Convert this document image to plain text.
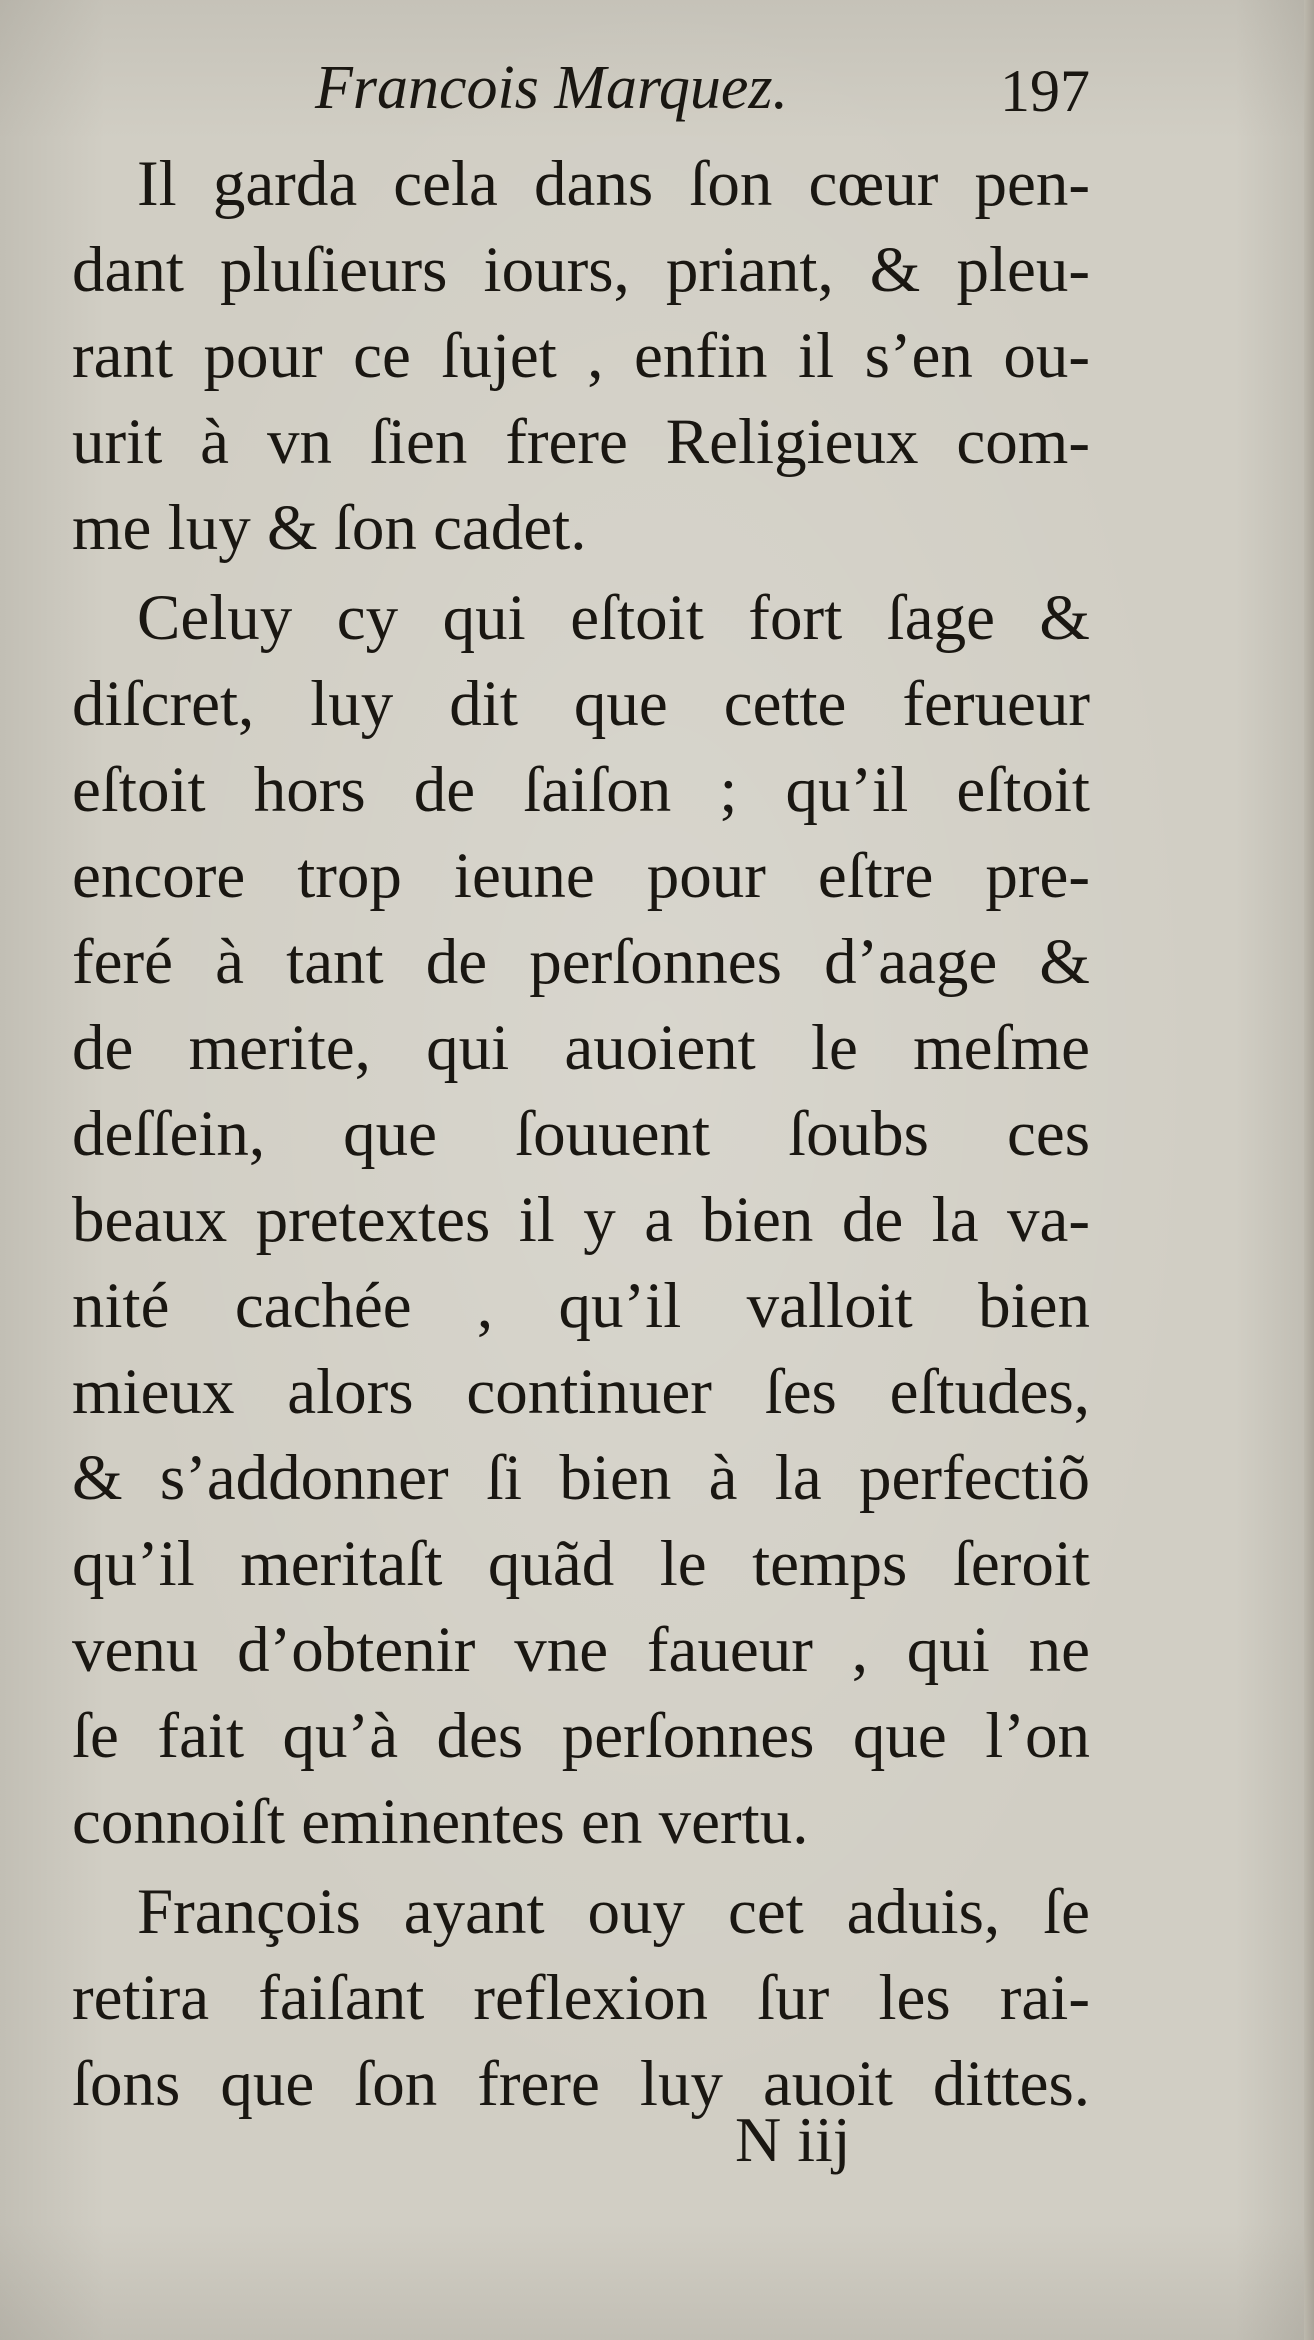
Francois Marquez.	197
Il garda cela dans ſon cœur pen-
dant pluſieurs iours, priant, & pleu-
rant pour ce ſujet , enfin il s’en ou-
urit à vn ſien frere Religieux com-
me luy & ſon cadet.
Celuy cy qui eſtoit fort ſage &
diſcret, luy dit que cette ferueur
eſtoit hors de ſaiſon ; qu’il eſtoit
encore trop ieune pour eſtre pre-
feré à tant de perſonnes d’aage &
de merite, qui auoient le meſme
deſſein, que ſouuent ſoubs ces
beaux pretextes il y a bien de la va-
nité cachée , qu’il valloit bien
mieux alors continuer ſes eſtudes,
& s’addonner ſi bien à la perfectiõ
qu’il meritaſt quãd le temps ſeroit
venu d’obtenir vne faueur , qui ne
ſe fait qu’à des perſonnes que l’on
connoiſt eminentes en vertu.
François ayant ouy cet aduis, ſe
retira faiſant reflexion ſur les rai-
ſons que ſon frere luy auoit dittes.
N iij
